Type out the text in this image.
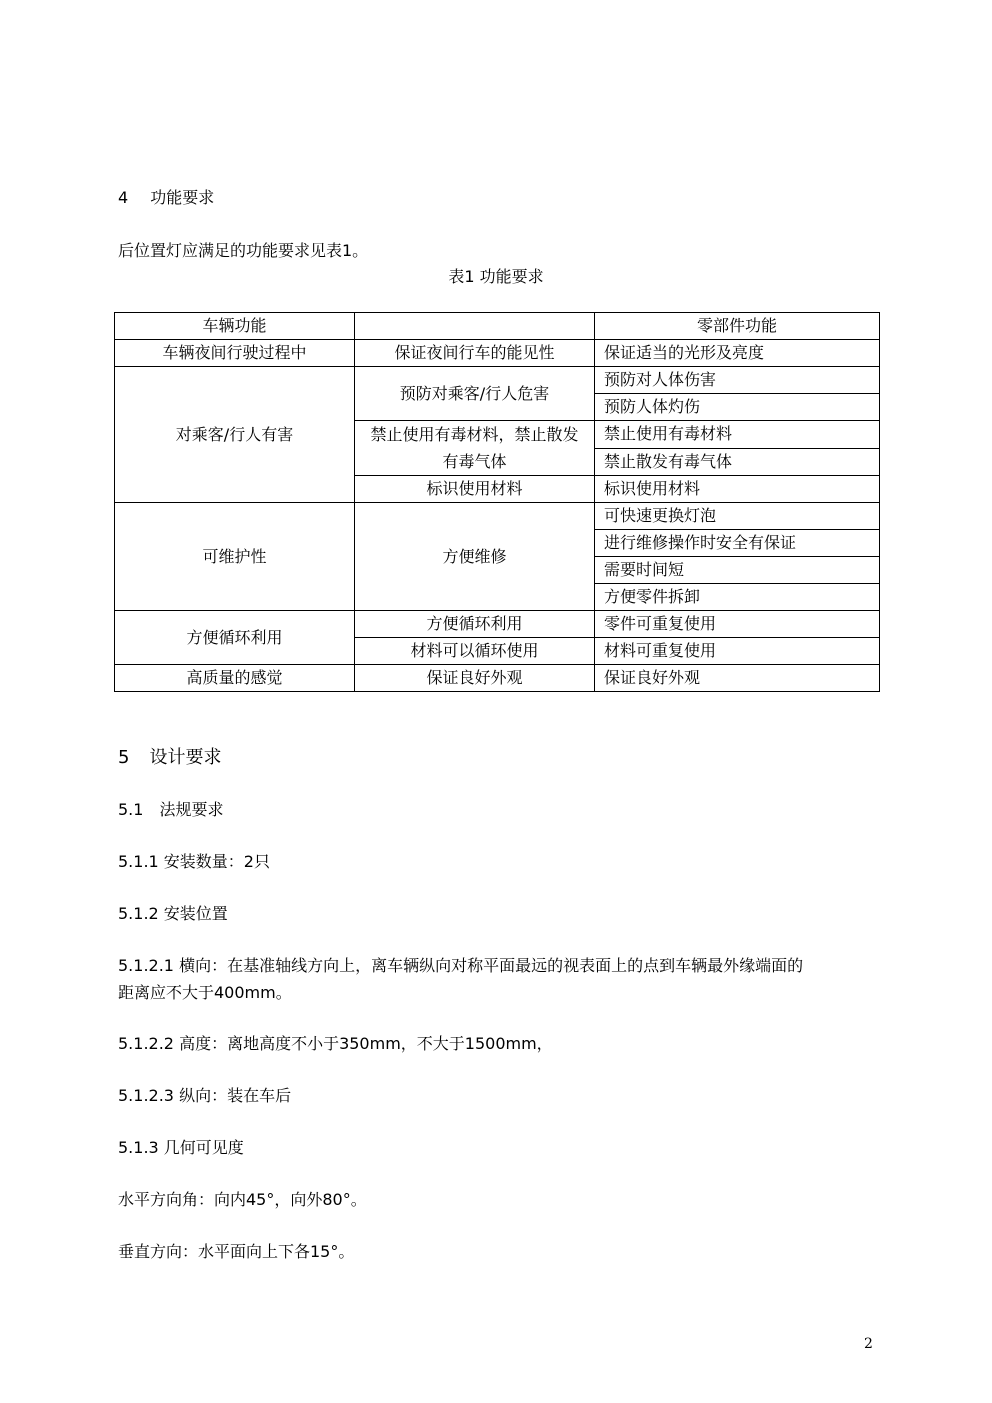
4 功能要求
后位置灯应满足的功能要求见表1。
表1 功能要求
车辆功能		零部件功能
车辆夜间行驶过程中	保证夜间行车的能见性	保证适当的光形及亮度
对乘客/行人有害	预防对乘客/行人危害	预防对人体伤害
		预防人体灼伤
	禁止使用有毒材料，禁止散发有毒气体	禁止使用有毒材料
		禁止散发有毒气体
	标识使用材料	标识使用材料
可维护性	方便维修	可快速更换灯泡
		进行维修操作时安全有保证
		需要时间短
		方便零件拆卸
方便循环利用	方便循环利用	零件可重复使用
	材料可以循环使用	材料可重复使用
高质量的感觉	保证良好外观	保证良好外观
5 设计要求
5.1　法规要求
5.1.1 安装数量：2只
5.1.2 安装位置
5.1.2.1 横向：在基准轴线方向上，离车辆纵向对称平面最远的视表面上的点到车辆最外缘端面的
距离应不大于400mm。
5.1.2.2 高度：离地高度不小于350mm，不大于1500mm，
5.1.2.3 纵向：装在车后
5.1.3 几何可见度
水平方向角：向内45°，向外80°。
垂直方向：水平面向上下各15°。
2
